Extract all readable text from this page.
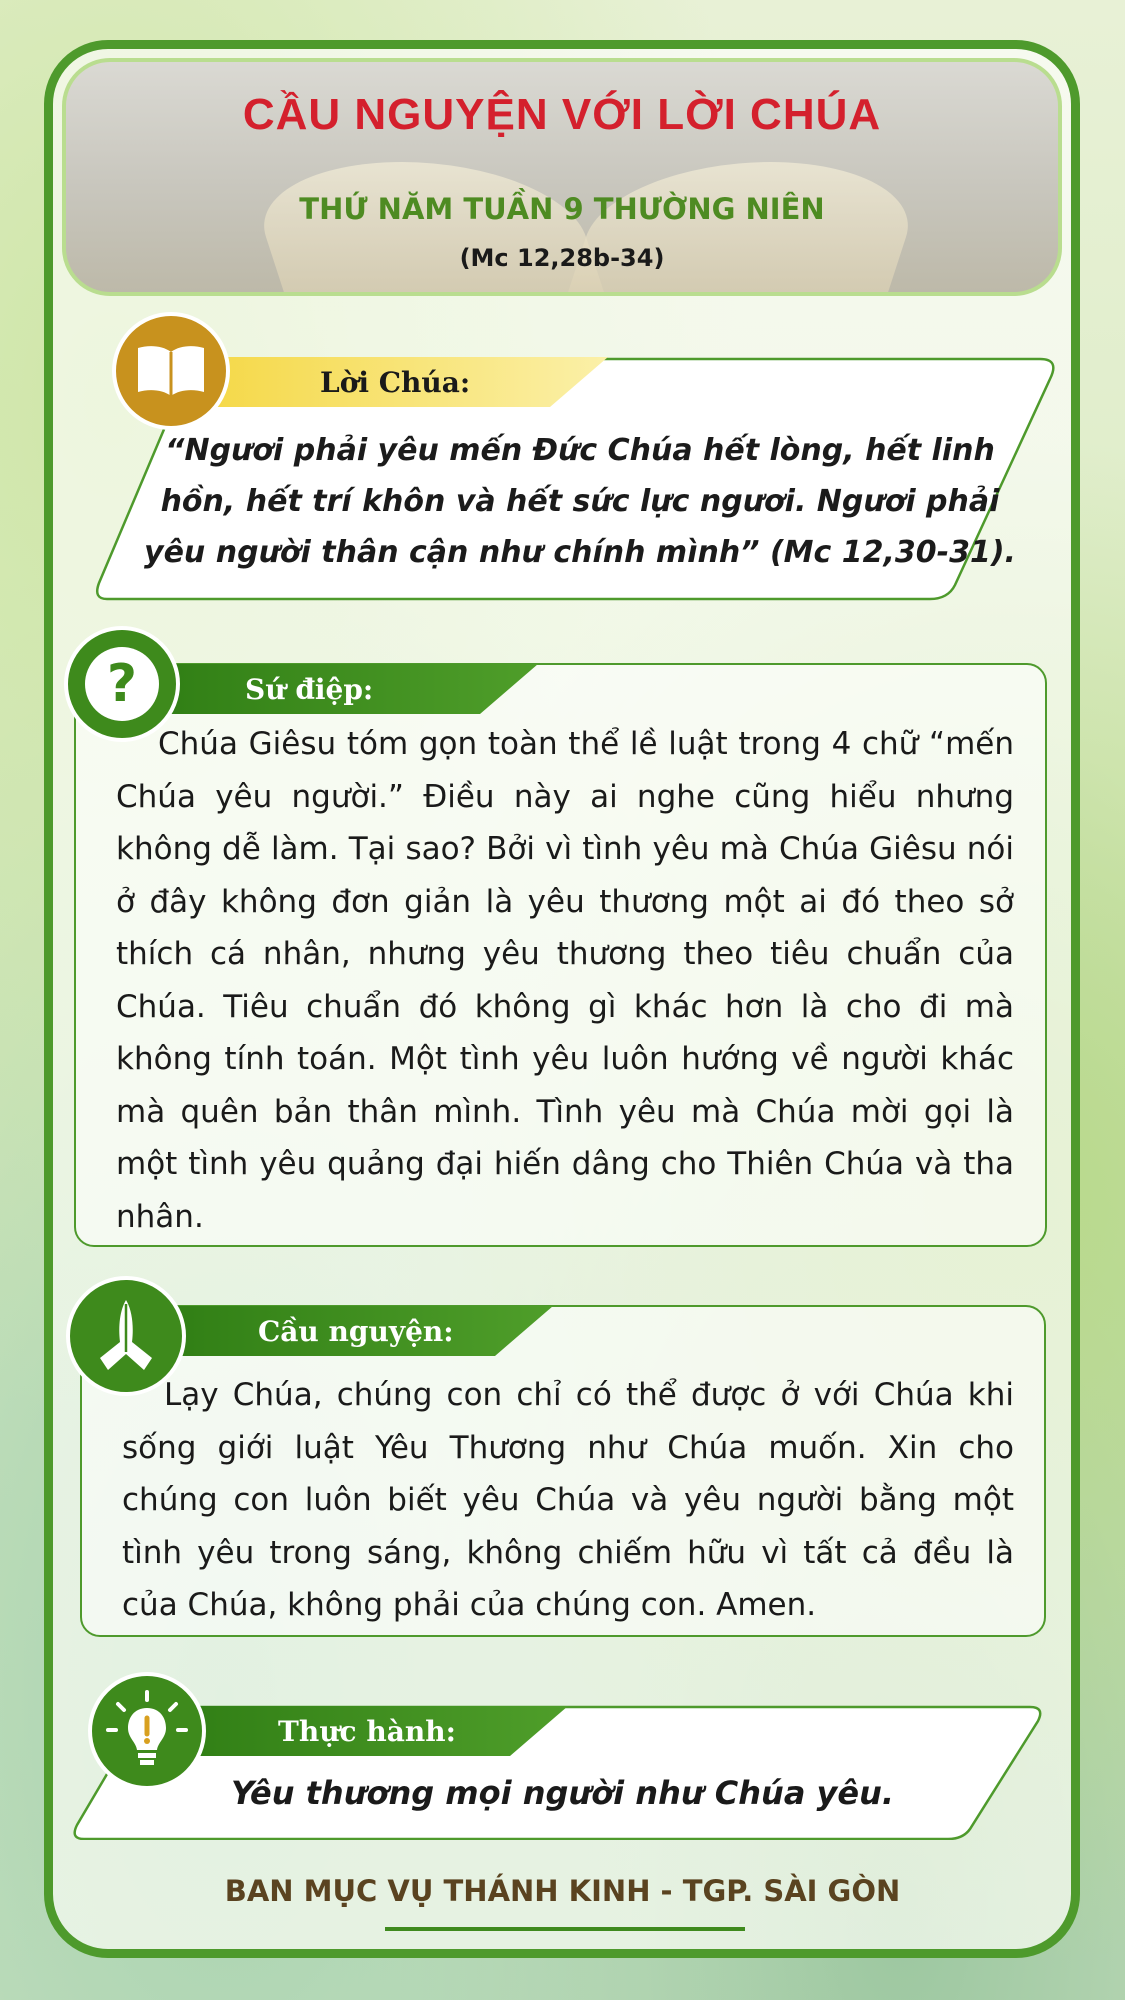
CẦU NGUYỆN VỚI LỜI CHÚA
THỨ NĂM TUẦN 9 THƯỜNG NIÊN
(Mc 12,28b-34)
Lời Chúa:
“Ngươi phải yêu mến Đức Chúa hết lòng, hết linh hồn, hết trí khôn và hết sức lực ngươi. Ngươi phải yêu người thân cận như chính mình” (Mc 12,30-31).
Sứ điệp:
?
Chúa Giêsu tóm gọn toàn thể lề luật trong 4 chữ “mến Chúa yêu người.” Điều này ai nghe cũng hiểu nhưng không dễ làm. Tại sao? Bởi vì tình yêu mà Chúa Giêsu nói ở đây không đơn giản là yêu thương một ai đó theo sở thích cá nhân, nhưng yêu thương theo tiêu chuẩn của Chúa. Tiêu chuẩn đó không gì khác hơn là cho đi mà không tính toán. Một tình yêu luôn hướng về người khác mà quên bản thân mình. Tình yêu mà Chúa mời gọi là một tình yêu quảng đại hiến dâng cho Thiên Chúa và tha nhân.
Cầu nguyện:
Lạy Chúa, chúng con chỉ có thể được ở với Chúa khi sống giới luật Yêu Thương như Chúa muốn. Xin cho chúng con luôn biết yêu Chúa và yêu người bằng một tình yêu trong sáng, không chiếm hữu vì tất cả đều là của Chúa, không phải của chúng con. Amen.
Thực hành:
Yêu thương mọi người như Chúa yêu.
BAN MỤC VỤ THÁNH KINH - TGP. SÀI GÒN
